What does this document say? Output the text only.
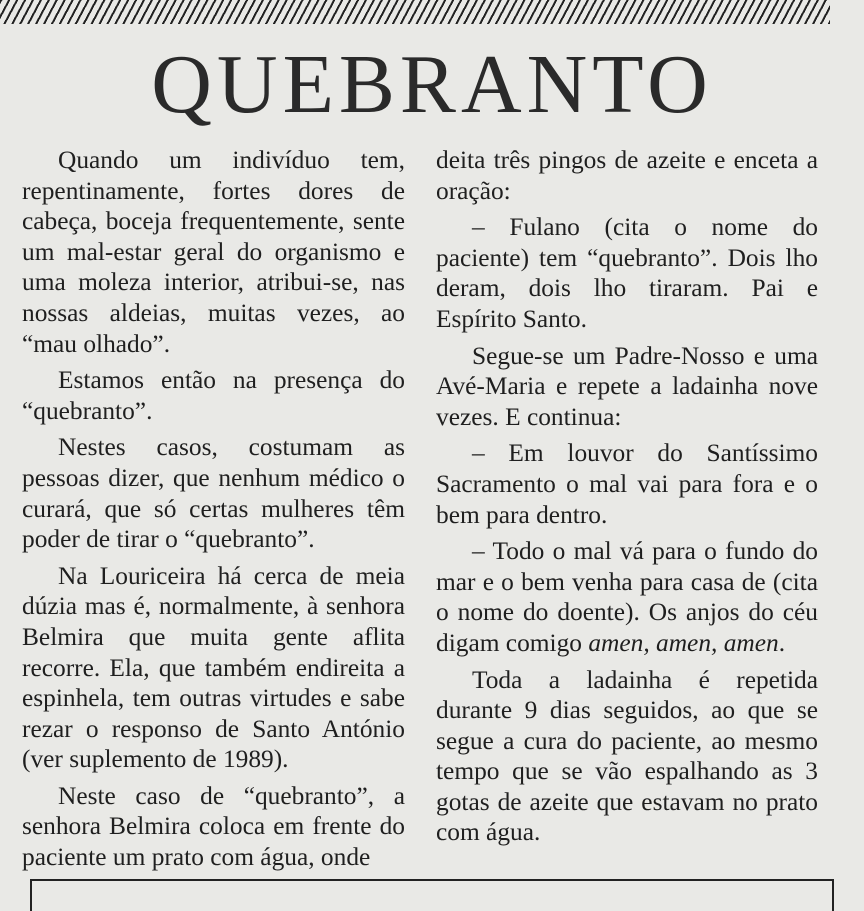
QUEBRANTO

Quando um indivíduo tem, repentinamente, fortes dores de cabeça, boceja frequentemente, sente um mal-estar geral do organismo e uma moleza interior, atribui-se, nas nossas aldeias, muitas vezes, ao “mau olhado”.

Estamos então na presença do “quebranto”.

Nestes casos, costumam as pessoas dizer, que nenhum médico o curará, que só certas mulheres têm poder de tirar o “quebranto”.

Na Louriceira há cerca de meia dúzia mas é, normalmente, à senhora Belmira que muita gente aflita recorre. Ela, que também endireita a espinhela, tem outras virtudes e sabe rezar o responso de Santo António (ver suplemento de 1989).

Neste caso de “quebranto”, a senhora Belmira coloca em frente do paciente um prato com água, onde

deita três pingos de azeite e enceta a oração:

– Fulano (cita o nome do paciente) tem “quebranto”. Dois lho deram, dois lho tiraram. Pai e Espírito Santo.

Segue-se um Padre-Nosso e uma Avé-Maria e repete a ladainha nove vezes. E continua:

– Em louvor do Santíssimo Sacramento o mal vai para fora e o bem para dentro.

– Todo o mal vá para o fundo do mar e o bem venha para casa de (cita o nome do doente). Os anjos do céu digam comigo amen, amen, amen.

Toda a ladainha é repetida durante 9 dias seguidos, ao que se segue a cura do paciente, ao mesmo tempo que se vão espalhando as 3 gotas de azeite que estavam no prato com água.
